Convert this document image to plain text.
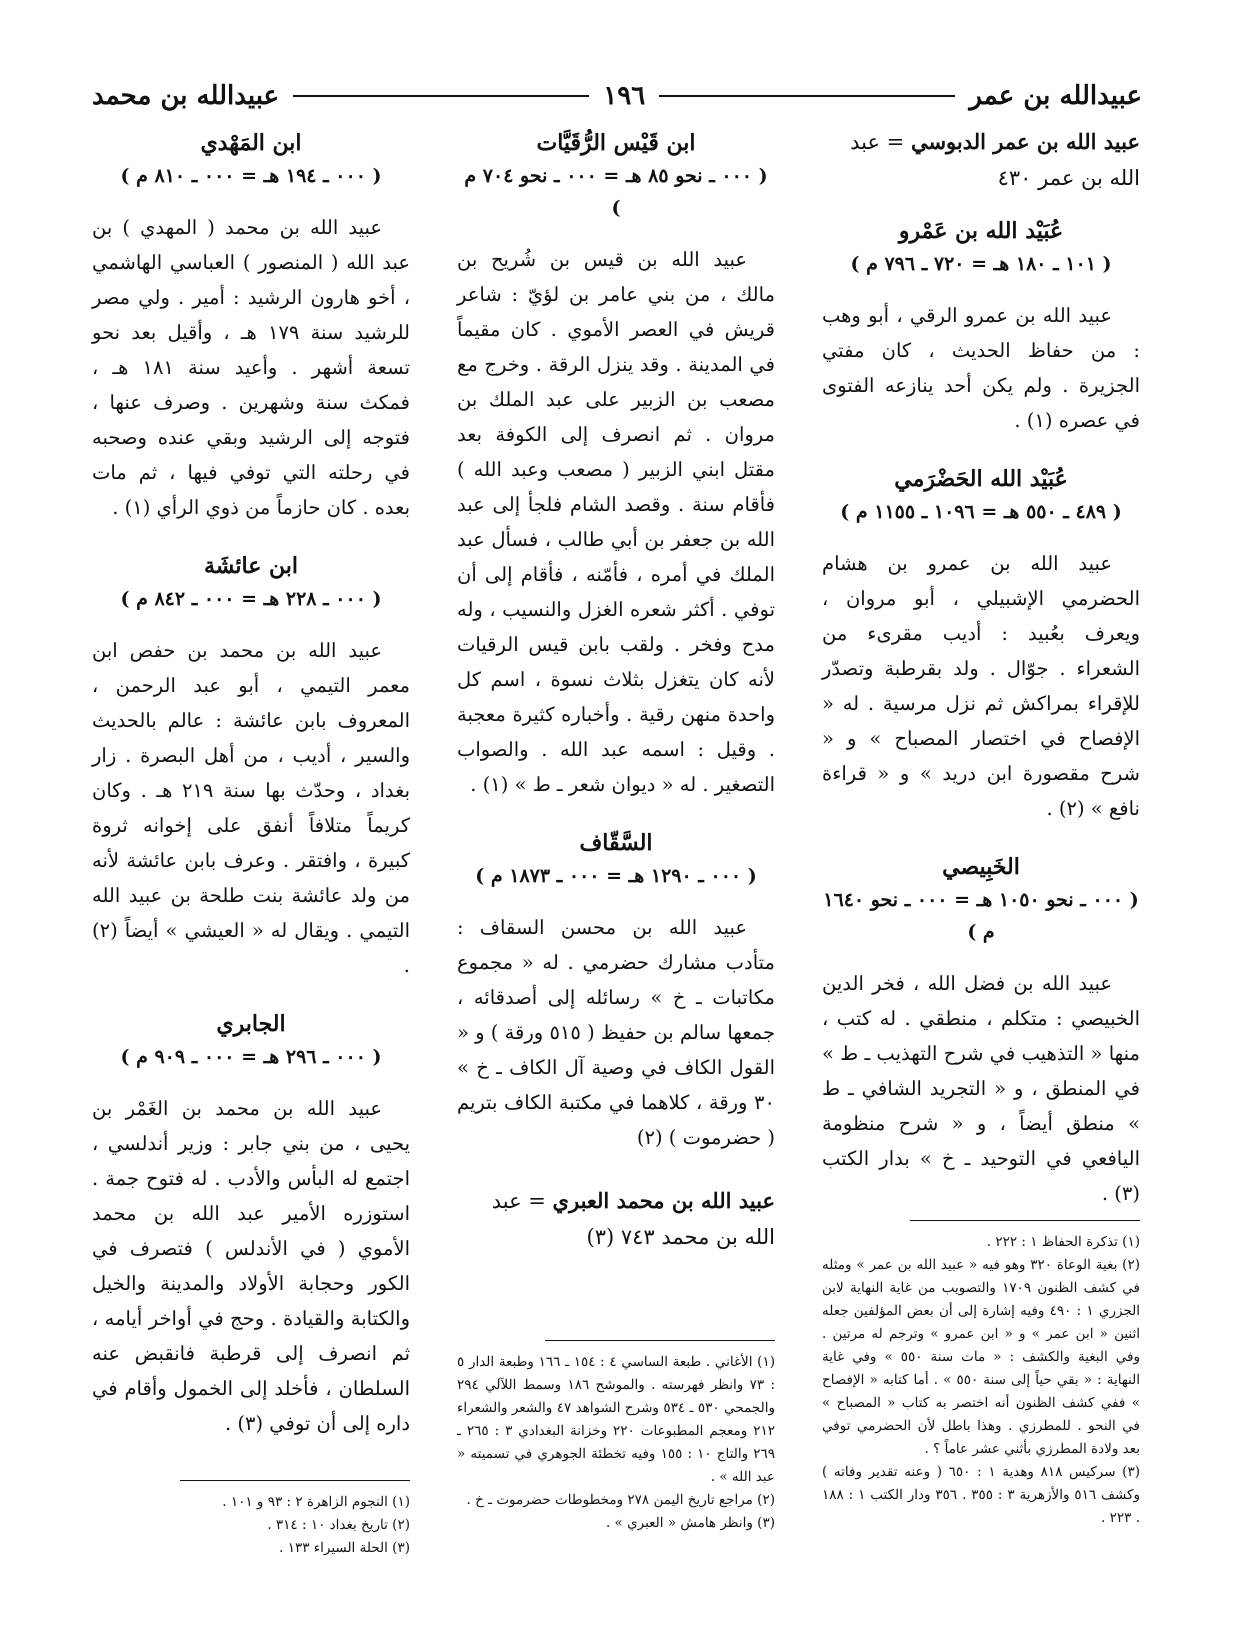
عبيدالله بن عمر
١٩٦
عبيدالله بن محمد

عبيد الله بن عمر الدبوسي = عبد الله بن عمر ٤٣٠

عُبَيْد الله بن عَمْرو
( ١٠١ ـ ١٨٠ هـ = ٧٢٠ ـ ٧٩٦ م )

عبيد الله بن عمرو الرقي ، أبو وهب : من حفاظ الحديث ، كان مفتي الجزيرة . ولم يكن أحد ينازعه الفتوى في عصره (١) .

عُبَيْد الله الحَضْرَمي
( ٤٨٩ ـ ٥٥٠ هـ = ١٠٩٦ ـ ١١٥٥ م )

عبيد الله بن عمرو بن هشام الحضرمي الإشبيلي ، أبو مروان ، ويعرف بعُبيد : أديب مقرىء من الشعراء . جوّال . ولد بقرطبة وتصدّر للإقراء بمراكش ثم نزل مرسية . له « الإفصاح في اختصار المصباح » و « شرح مقصورة ابن دريد » و « قراءة نافع » (٢) .

الخَبِيصي
( ٠٠٠ ـ نحو ١٠٥٠ هـ = ٠٠٠ ـ نحو ١٦٤٠ م )

عبيد الله بن فضل الله ، فخر الدين الخبيصي : متكلم ، منطقي . له كتب ، منها « التذهيب في شرح التهذيب ـ ط » في المنطق ، و « التجريد الشافي ـ ط » منطق أيضاً ، و « شرح منظومة اليافعي في التوحيد ـ خ » بدار الكتب (٣) .

ابن قَيْس الرُّقَيَّات
( ٠٠٠ ـ نحو ٨٥ هـ = ٠٠٠ ـ نحو ٧٠٤ م )

عبيد الله بن قيس بن شُريح بن مالك ، من بني عامر بن لؤيّ : شاعر قريش في العصر الأموي . كان مقيماً في المدينة . وقد ينزل الرقة . وخرج مع مصعب بن الزبير على عبد الملك بن مروان . ثم انصرف إلى الكوفة بعد مقتل ابني الزبير ( مصعب وعبد الله ) فأقام سنة . وقصد الشام فلجأ إلى عبد الله بن جعفر بن أبي طالب ، فسأل عبد الملك في أمره ، فأمّنه ، فأقام إلى أن توفي . أكثر شعره الغزل والنسيب ، وله مدح وفخر . ولقب بابن قيس الرقيات لأنه كان يتغزل بثلاث نسوة ، اسم كل واحدة منهن رقية . وأخباره كثيرة معجبة . وقيل : اسمه عبد الله . والصواب التصغير . له « ديوان شعر ـ ط » (١) .

السَّقّاف
( ٠٠٠ ـ ١٢٩٠ هـ = ٠٠٠ ـ ١٨٧٣ م )

عبيد الله بن محسن السقاف : متأدب مشارك حضرمي . له « مجموع مكاتبات ـ خ » رسائله إلى أصدقائه ، جمعها سالم بن حفيظ ( ٥١٥ ورقة ) و « القول الكاف في وصية آل الكاف ـ خ » ٣٠ ورقة ، كلاهما في مكتبة الكاف بتريم ( حضرموت ) (٢)

عبيد الله بن محمد العبري = عبد الله بن محمد ٧٤٣ (٣)

ابن المَهْدي
( ٠٠٠ ـ ١٩٤ هـ = ٠٠٠ ـ ٨١٠ م )

عبيد الله بن محمد ( المهدي ) بن عبد الله ( المنصور ) العباسي الهاشمي ، أخو هارون الرشيد : أمير . ولي مصر للرشيد سنة ١٧٩ هـ ، وأقيل بعد نحو تسعة أشهر . وأعيد سنة ١٨١ هـ ، فمكث سنة وشهرين . وصرف عنها ، فتوجه إلى الرشيد وبقي عنده وصحبه في رحلته التي توفي فيها ، ثم مات بعده . كان حازماً من ذوي الرأي (١) .

ابن عائشَة
( ٠٠٠ ـ ٢٢٨ هـ = ٠٠٠ ـ ٨٤٢ م )

عبيد الله بن محمد بن حفص ابن معمر التيمي ، أبو عبد الرحمن ، المعروف بابن عائشة : عالم بالحديث والسير ، أديب ، من أهل البصرة . زار بغداد ، وحدّث بها سنة ٢١٩ هـ . وكان كريماً متلافاً أنفق على إخوانه ثروة كبيرة ، وافتقر . وعرف بابن عائشة لأنه من ولد عائشة بنت طلحة بن عبيد الله التيمي . ويقال له « العيشي » أيضاً (٢) .

الجابري
( ٠٠٠ ـ ٢٩٦ هـ = ٠٠٠ ـ ٩٠٩ م )

عبيد الله بن محمد بن الغَمْر بن يحيى ، من بني جابر : وزير أندلسي ، اجتمع له البأس والأدب . له فتوح جمة . استوزره الأمير عبد الله بن محمد الأموي ( في الأندلس ) فتصرف في الكور وحجابة الأولاد والمدينة والخيل والكتابة والقيادة . وحج في أواخر أيامه ، ثم انصرف إلى قرطبة فانقبض عنه السلطان ، فأخلد إلى الخمول وأقام في داره إلى أن توفي (٣) .

(١) تذكرة الحفاظ ١ : ٢٢٢ .

(٢) بغية الوعاة ٣٢٠ وهو فيه « عبيد الله بن عمر » ومثله في كشف الظنون ١٧٠٩ والتصويب من غاية النهاية لابن الجزري ١ : ٤٩٠ وفيه إشارة إلى أن بعض المؤلفين جعله اثنين « ابن عمر » و « ابن عمرو » وترجم له مرتين . وفي البغية والكشف : « مات سنة ٥٥٠ » وفي غاية النهاية : « بقي حياً إلى سنة ٥٥٠ » . أما كتابه « الإفصاح » ففي كشف الظنون أنه اختصر به كتاب « المصباح » في النحو . للمطرزي . وهذا باطل لأن الحضرمي توفي بعد ولادة المطرزي بأثني عشر عاماً ؟ .

(٣) سركيس ٨١٨ وهدية ١ : ٦٥٠ ( وعنه تقدير وفاته ) وكشف ٥١٦ والأزهرية ٣ : ٣٥٥ . ٣٥٦ ودار الكتب ١ : ١٨٨ . ٢٢٣ .

(١) الأغاني . طبعة الساسي ٤ : ١٥٤ ـ ١٦٦ وطبعة الدار ٥ : ٧٣ وانظر فهرسته . والموشح ١٨٦ وسمط اللآلي ٢٩٤ والجمحي ٥٣٠ ـ ٥٣٤ وشرح الشواهد ٤٧ والشعر والشعراء ٢١٢ ومعجم المطبوعات ٢٢٠ وخزانة البغدادي ٣ : ٢٦٥ ـ ٢٦٩ والتاج ١٠ : ١٥٥ وفيه تخطئة الجوهري في تسميته « عبد الله » .

(٢) مراجع تاريخ اليمن ٢٧٨ ومخطوطات حضرموت ـ خ .

(٣) وانظر هامش « العبري » .

(١) النجوم الزاهرة ٢ : ٩٣ و ١٠١ .

(٢) تاريخ بغداد ١٠ : ٣١٤ .

(٣) الحلة السيراء ١٣٣ .
